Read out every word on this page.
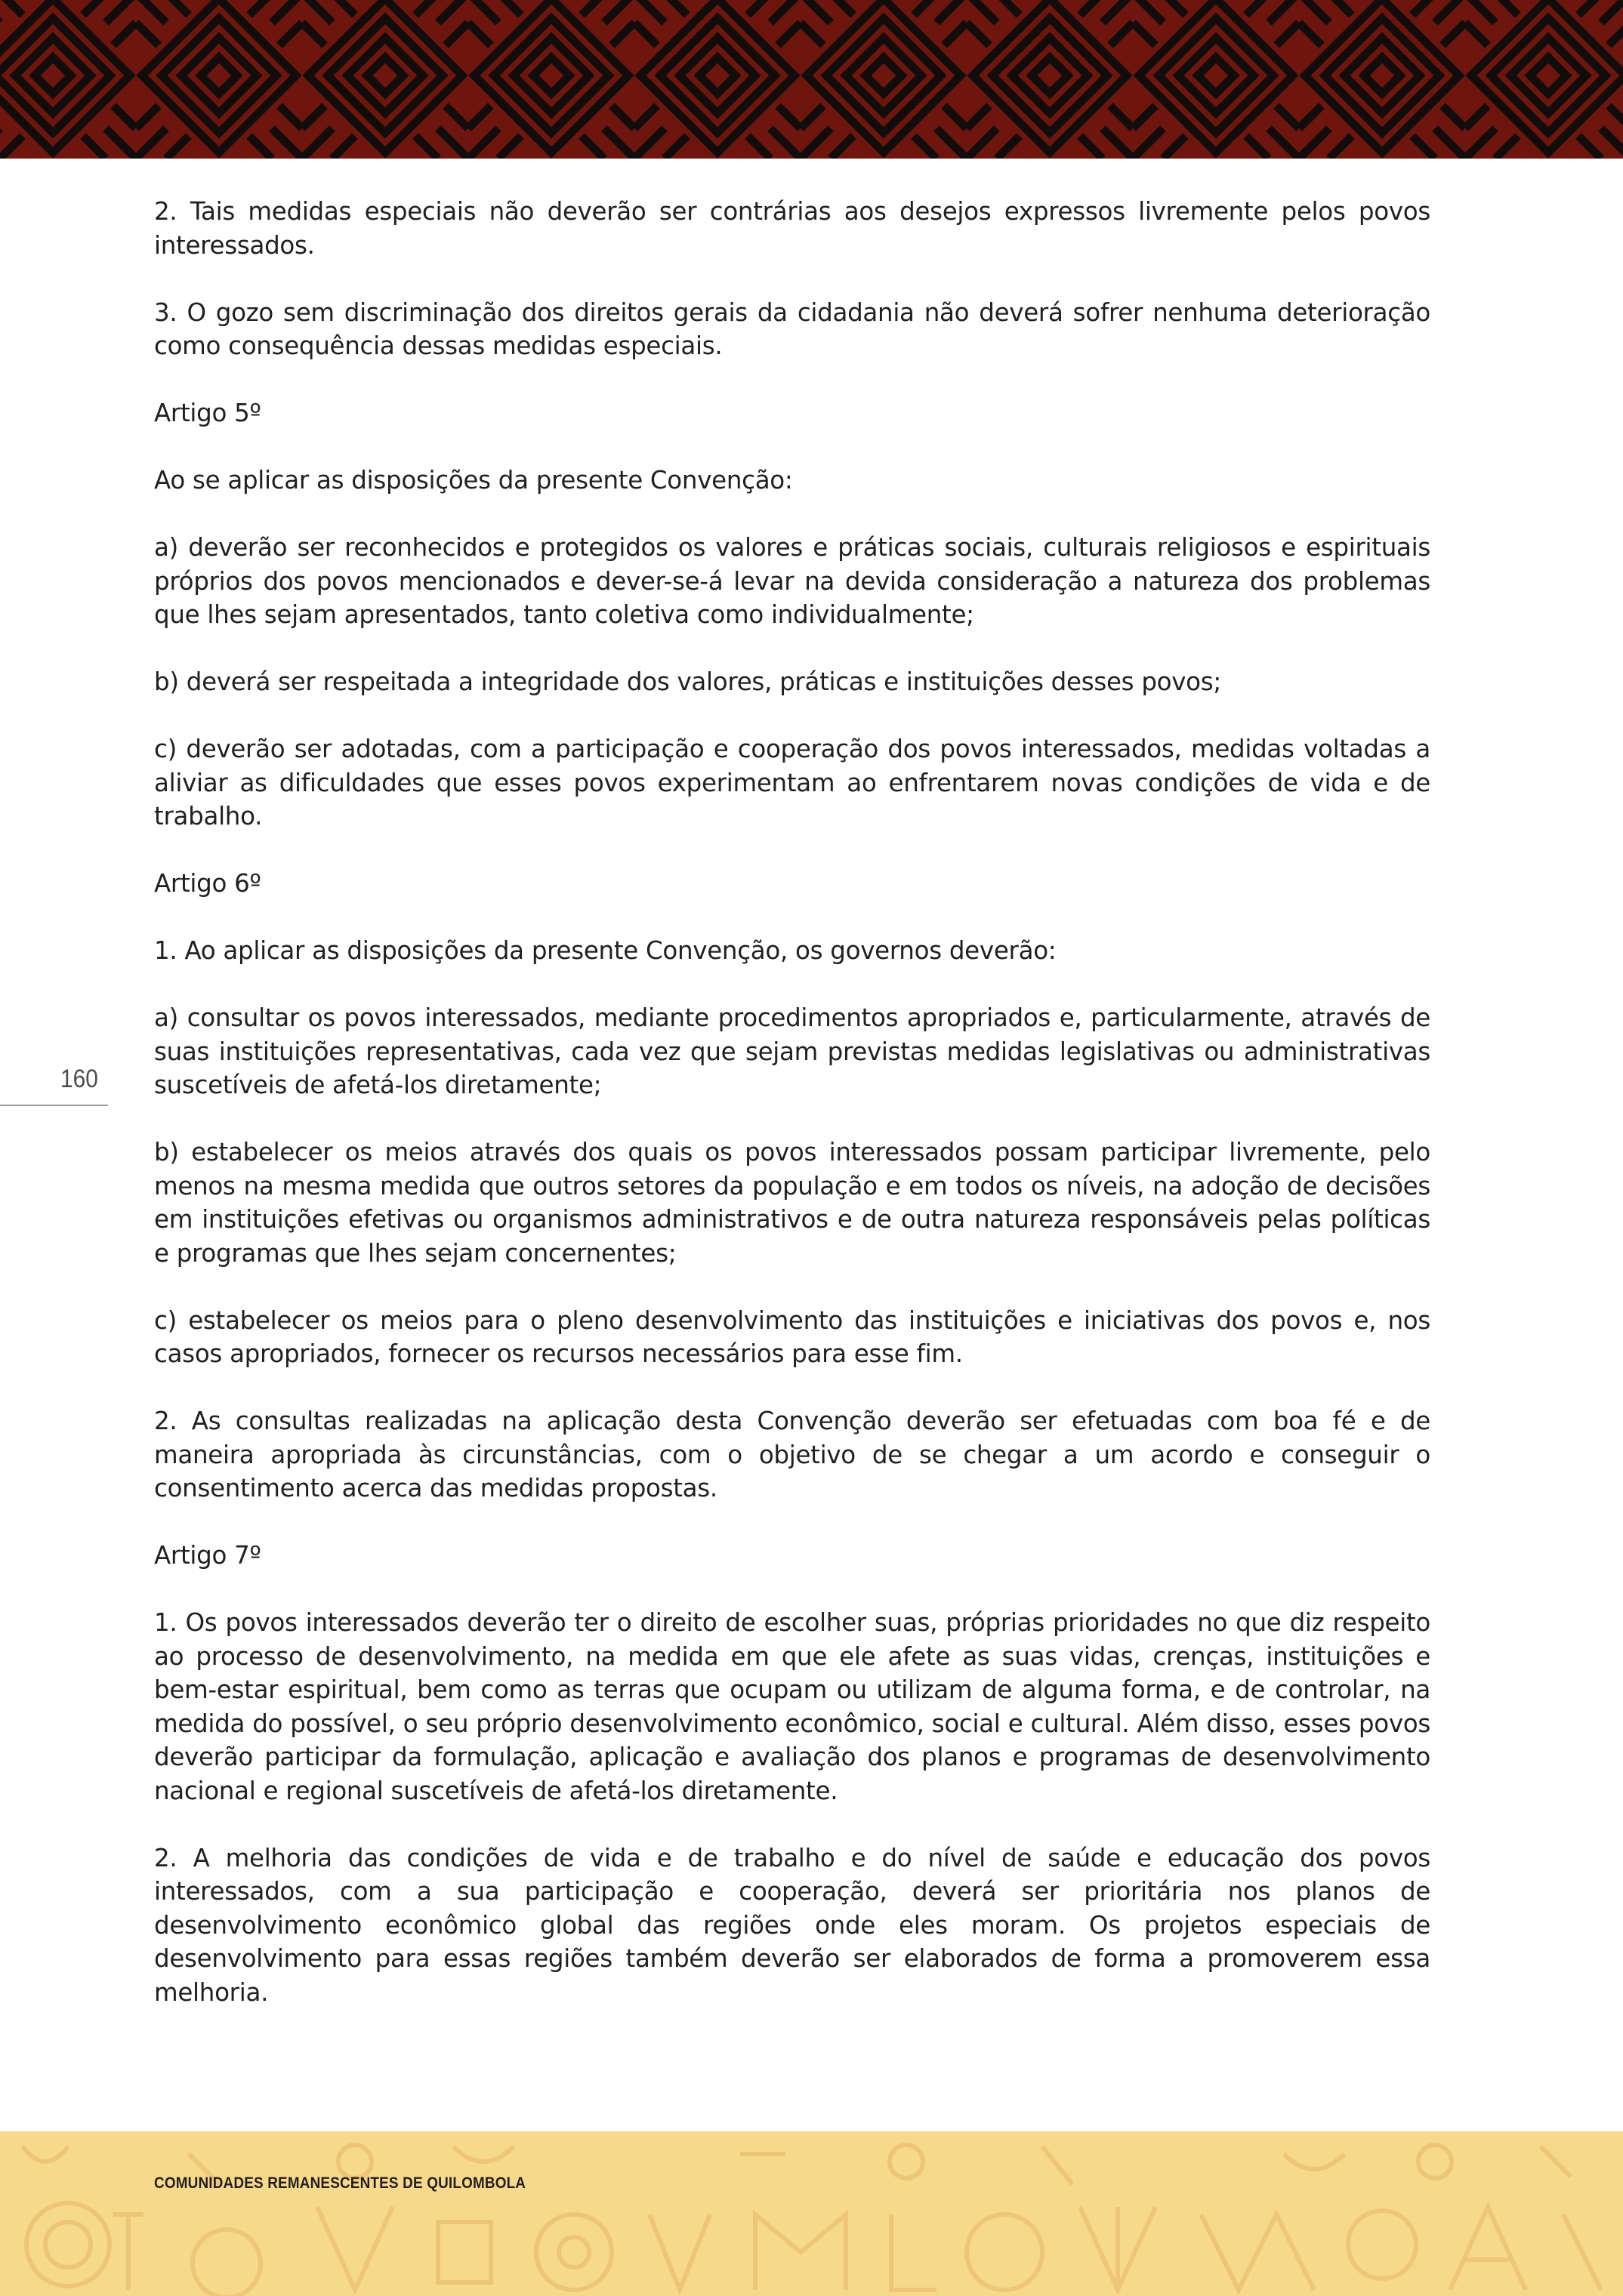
2. Tais medidas especiais não deverão ser contrárias aos desejos expressos livremente pelos povos interessados.

3. O gozo sem discriminação dos direitos gerais da cidadania não deverá sofrer nenhuma deterioração como consequência dessas medidas especiais.

Artigo 5º

Ao se aplicar as disposições da presente Convenção:

a) deverão ser reconhecidos e protegidos os valores e práticas sociais, culturais religiosos e espirituais próprios dos povos mencionados e dever-se-á levar na devida consideração a natureza dos problemas que lhes sejam apresentados, tanto coletiva como individualmente;

b) deverá ser respeitada a integridade dos valores, práticas e instituições desses povos;

c) deverão ser adotadas, com a participação e cooperação dos povos interessados, medidas voltadas a aliviar as dificuldades que esses povos experimentam ao enfrentarem novas condições de vida e de trabalho.

Artigo 6º

1. Ao aplicar as disposições da presente Convenção, os governos deverão:

a) consultar os povos interessados, mediante procedimentos apropriados e, particularmente, através de suas instituições representativas, cada vez que sejam previstas medidas legislativas ou administrativas suscetíveis de afetá-los diretamente;

b) estabelecer os meios através dos quais os povos interessados possam participar livremente, pelo menos na mesma medida que outros setores da população e em todos os níveis, na adoção de decisões em instituições efetivas ou organismos administrativos e de outra natureza responsáveis pelas políticas e programas que lhes sejam concernentes;

c) estabelecer os meios para o pleno desenvolvimento das instituições e iniciativas dos povos e, nos casos apropriados, fornecer os recursos necessários para esse fim.

2. As consultas realizadas na aplicação desta Convenção deverão ser efetuadas com boa fé e de maneira apropriada às circunstâncias, com o objetivo de se chegar a um acordo e conseguir o consentimento acerca das medidas propostas.

Artigo 7º

1. Os povos interessados deverão ter o direito de escolher suas, próprias prioridades no que diz respeito ao processo de desenvolvimento, na medida em que ele afete as suas vidas, crenças, instituições e bem-estar espiritual, bem como as terras que ocupam ou utilizam de alguma forma, e de controlar, na medida do possível, o seu próprio desenvolvimento econômico, social e cultural. Além disso, esses povos deverão participar da formulação, aplicação e avaliação dos planos e programas de desenvolvimento nacional e regional suscetíveis de afetá-los diretamente.

2. A melhoria das condições de vida e de trabalho e do nível de saúde e educação dos povos interessados, com a sua participação e cooperação, deverá ser prioritária nos planos de desenvolvimento econômico global das regiões onde eles moram. Os projetos especiais de desenvolvimento para essas regiões também deverão ser elaborados de forma a promoverem essa melhoria.

160
COMUNIDADES REMANESCENTES DE QUILOMBOLA
